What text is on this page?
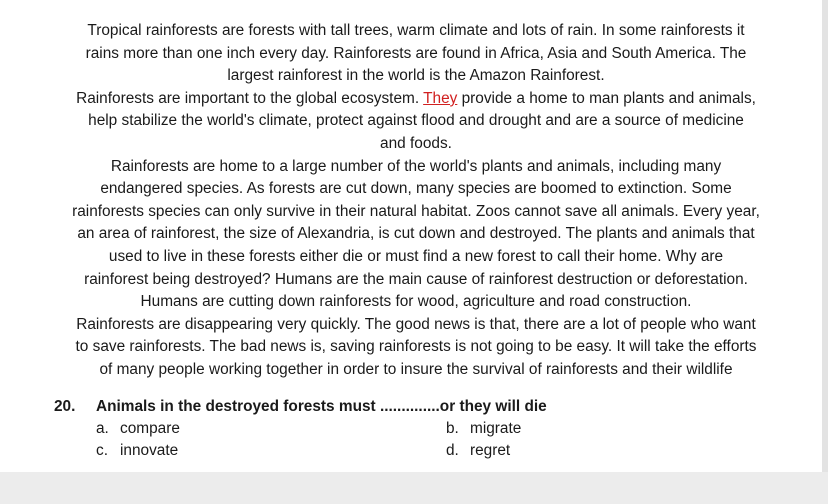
Tropical rainforests are forests with tall trees, warm climate and lots of rain. In some rainforests it
rains more than one inch every day. Rainforests are found in Africa, Asia and South America. The
largest rainforest in the world is the Amazon Rainforest.
Rainforests are important to the global ecosystem. They provide a home to man plants and animals,
help stabilize the world's climate, protect against flood and drought and are a source of medicine
and foods.
Rainforests are home to a large number of the world's plants and animals, including many
endangered species. As forests are cut down, many species are boomed to extinction. Some
rainforests species can only survive in their natural habitat. Zoos cannot save all animals. Every year,
an area of rainforest, the size of Alexandria, is cut down and destroyed. The plants and animals that
used to live in these forests either die or must find a new forest to call their home. Why are
rainforest being destroyed? Humans are the main cause of rainforest destruction or deforestation.
Humans are cutting down rainforests for wood, agriculture and road construction.
Rainforests are disappearing very quickly. The good news is that, there are a lot of people who want
to save rainforests. The bad news is, saving rainforests is not going to be easy. It will take the efforts
of many people working together in order to insure the survival of rainforests and their wildlife
20. Animals in the destroyed forests must ..............or they will die
a. compare	b. migrate
c. innovate	d. regret
